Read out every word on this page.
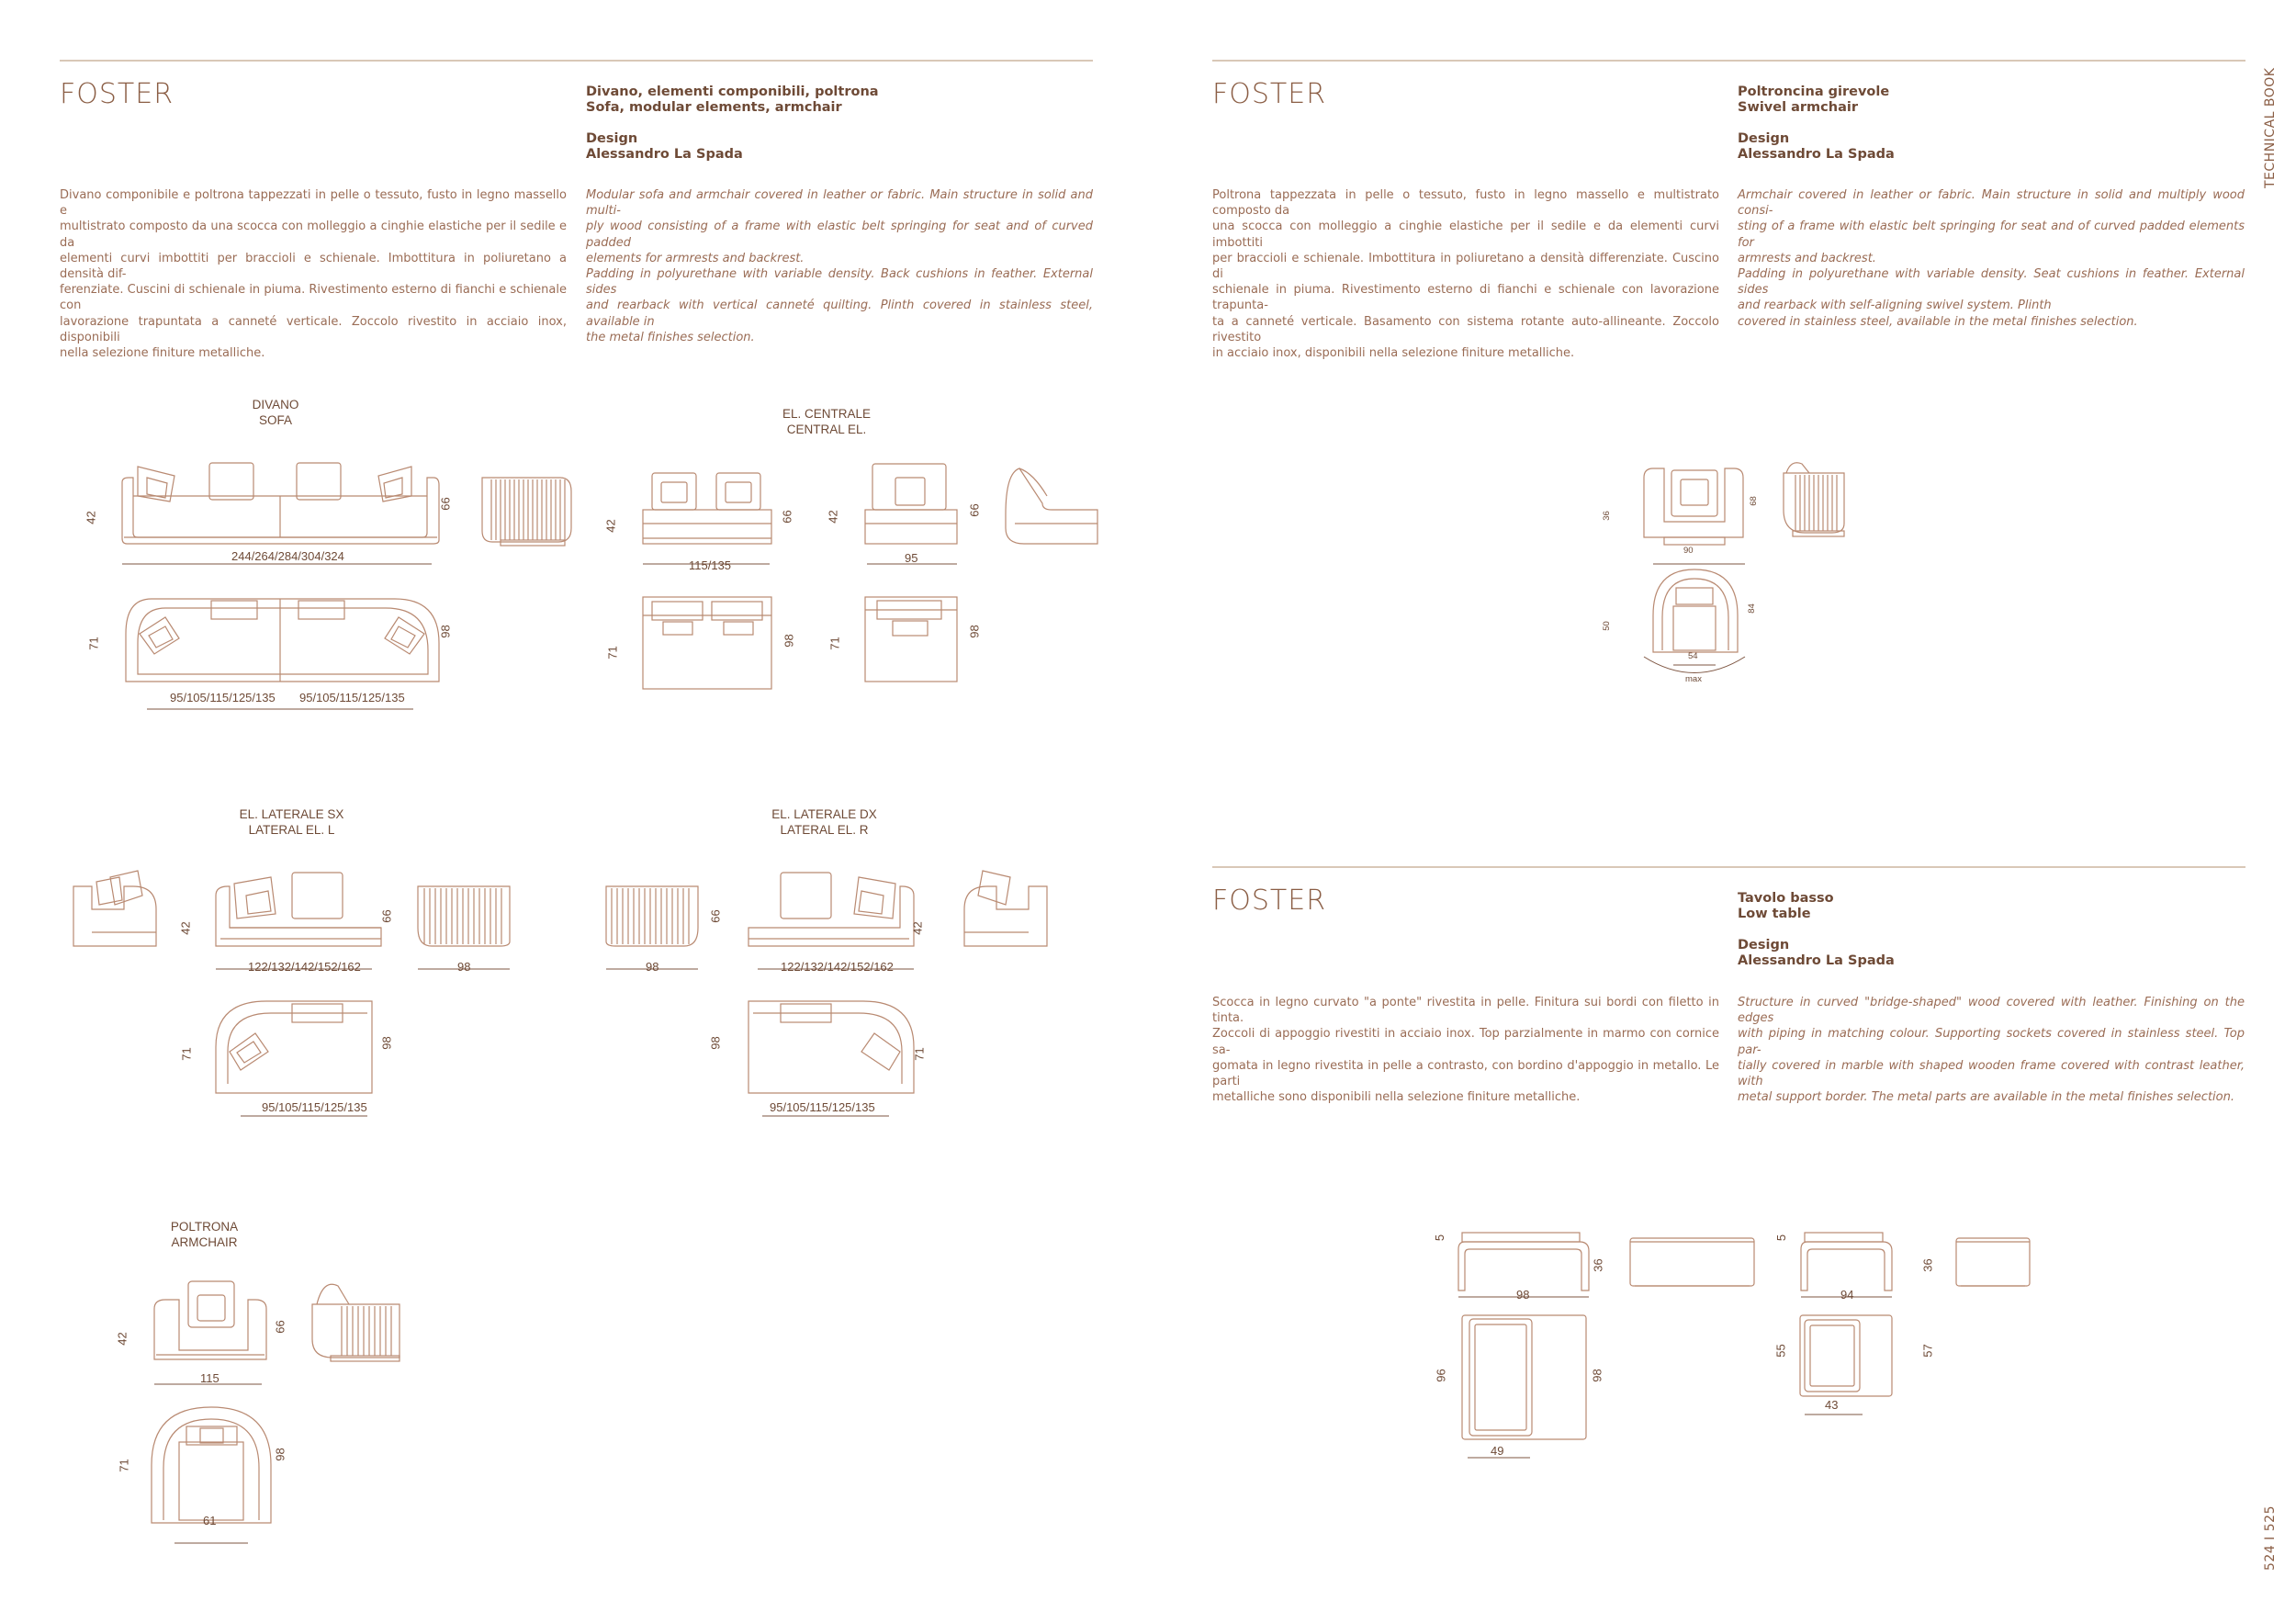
FOSTER	Divano, elementi componibili, poltrona
Sofa, modular elements, armchair
Design
Alessandro La Spada
Divano componibile e poltrona tappezzati in pelle o tessuto, fusto in legno massello e
multistrato composto da una scocca con molleggio a cinghie elastiche per il sedile e da
elementi curvi imbottiti per braccioli e schienale. Imbottitura in poliuretano a densità dif-
ferenziate. Cuscini di schienale in piuma. Rivestimento esterno di fianchi e schienale con
lavorazione trapuntata a canneté verticale. Zoccolo rivestito in acciaio inox, disponibili
nella selezione finiture metalliche.
Modular sofa and armchair covered in leather or fabric. Main structure in solid and multi-
ply wood consisting of a frame with elastic belt springing for seat and of curved padded
elements for armrests and backrest.
Padding in polyurethane with variable density. Back cushions in feather. External sides
and rearback with vertical canneté quilting. Plinth covered in stainless steel, available in
the metal finishes selection.
DIVANO
SOFA
42
66
244/264/284/304/324
71
98
95/105/115/125/135 95/105/115/125/135
EL. CENTRALE
CENTRAL EL.
42
66
115/135
42	66
95
71
98	71
98
EL. LATERALE SX
LATERAL EL. L
42
66
122/132/142/152/162	98
71
98
95/105/115/125/135
EL. LATERALE DX
LATERAL EL. R
66
42
98	122/132/142/152/162
98
71
95/105/115/125/135
POLTRONA
ARMCHAIR
42
66
115
71
98
61
FOSTER	Poltroncina girevole
Swivel armchair
Design
Alessandro La Spada
Poltrona tappezzata in pelle o tessuto, fusto in legno massello e multistrato composto da
una scocca con molleggio a cinghie elastiche per il sedile e da elementi curvi imbottiti
per braccioli e schienale. Imbottitura in poliuretano a densità differenziate. Cuscino di
schienale in piuma. Rivestimento esterno di fianchi e schienale con lavorazione trapunta-
ta a canneté verticale. Basamento con sistema rotante auto-allineante. Zoccolo rivestito
in acciaio inox, disponibili nella selezione finiture metalliche.
Armchair covered in leather or fabric. Main structure in solid and multiply wood consi-
sting of a frame with elastic belt springing for seat and of curved padded elements for
armrests and backrest.
Padding in polyurethane with variable density. Seat cushions in feather. External sides
and rearback with self-aligning swivel system. Plinth
covered in stainless steel, available in the metal finishes selection.
36
68
90
50
84
54
max
FOSTER	Tavolo basso
Low table
Design
Alessandro La Spada
Scocca in legno curvato "a ponte" rivestita in pelle. Finitura sui bordi con filetto in tinta.
Zoccoli di appoggio rivestiti in acciaio inox. Top parzialmente in marmo con cornice sa-
gomata in legno rivestita in pelle a contrasto, con bordino d'appoggio in metallo. Le parti
metalliche sono disponibili nella selezione finiture metalliche.
Structure in curved "bridge-shaped" wood covered with leather. Finishing on the edges
with piping in matching colour. Supporting sockets covered in stainless steel. Top par-
tially covered in marble with shaped wooden frame covered with contrast leather, with
metal support border. The metal parts are available in the metal finishes selection.
5
36
98
96	98
49
5
36
94
55	57
43
TECHNICAL BOOK
524 I 525
